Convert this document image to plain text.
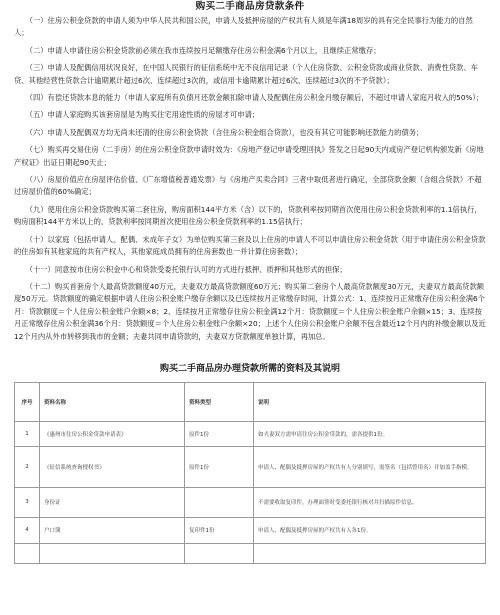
购买二手商品房贷款条件

（一）住房公积金贷款的申请人须为中华人民共和国公民，申请人及抵押房屋的产权共有人须是年满18周岁的具有完全民事行为能力的自然人；

（二）申请人申请住房公积金贷款前必须在我市连续按月足额缴存住房公积金满6个月以上，且继续正常缴存；

（三）申请人及配偶信用状况良好，在中国人民银行的征信系统中无不良信用记录（个人住房贷款、公积金贷款或商业贷款、消费性贷款、车贷、其他经营性贷款合计逾期累计超过6次、连续超过3次的，或信用卡逾期累计超过6次、连续超过3次的不予贷款）；

（四）有偿还贷款本息的能力（申请人家庭所有负债月还款金额扣除申请人及配偶住房公积金月缴存额后，不超过申请人家庭月收入的50%）；

（五）申请人家庭购买该套房屋是为购买住宅用途性质的房屋才可申请；

（六）申请人及配偶双方均无尚未还清的住房公积金贷款（含住房公积金组合贷款），也没有其它可能影响还款能力的债务；

（七）购买再交易住房（二手房）的住房公积金贷款申请时效为：《房地产登记申请受理回执》签发之日起90天内或房产登记机构颁发新《房地产权证》出证日期起90天止；

（八）房屋价值应在房屋评估价值、《广东增值税普通发票》与《房地产买卖合同》三者中取低者进行确定，全部贷款金额（含组合贷款）不超过房屋价值的60%确定；

（九）使用住房公积金贷款购买第二套住房，购房面积144平方米（含）以下的，贷款利率按同期首次使用住房公积金贷款利率的1.1倍执行，购房面积144平方米以上的，贷款利率按同期首次使用住房公积金贷款利率的1.15倍执行；

（十）以家庭（包括申请人、配偶、未成年子女）为单位购买第三套及以上住房的申请人不可以申请住房公积金贷款（用于申请住房公积金贷款的住房如有其他家庭的共有产权人，其他家庭成员拥有的住房套数也一并计算住房套数）；

（十一）同意按市住房公积金中心和贷款受委托银行认可的方式进行抵押、质押和其他形式的担保；

（十二）购买首套房个人最高贷款额度40万元，夫妻双方最高贷款额度60万元；购买第二套房个人最高贷款额度30万元，夫妻双方最高贷款额度50万元。贷款额度的确定根据申请人住房公积金账户缴存余额以及已连续按月正常缴存时间，计算公式：1、连续按月正常缴存住房公积金满6个月：贷款额度＝个人住房公积金账户余额×8；2、连续按月正常缴存住房公积金满12个月：贷款额度＝个人住房公积金账户余额×15；3、连续按月正常缴存住房公积金满36个月：贷款额度＝个人住房公积金账户余额×20；上述个人住房公积金账户余额不包含最近12个月内的补缴金额以及近12个月内从外市转移到我市的金额；夫妻共同申请贷款的，夫妻双方贷款额度单独计算，再加总。

购买二手商品房办理贷款所需的资料及其说明
序号	资料名称	资料类型	说明
1	《惠州市住房公积金贷款申请表》	原件1份	如夫妻双方需申请住房公积金贷款的，需各提供1份。
2	《征信系统查询授权书》	原件1份	申请人、配偶及抵押房屋的产权共有人分别填写，需签名（包括曾用名）并加盖手指模。
3	身份证		不需要收取复印件，办理面签时受委托银行核对并扫描原件信息。
4	户口簿	复印件1份	申请人、配偶及抵押房屋的产权共有人各1份。
